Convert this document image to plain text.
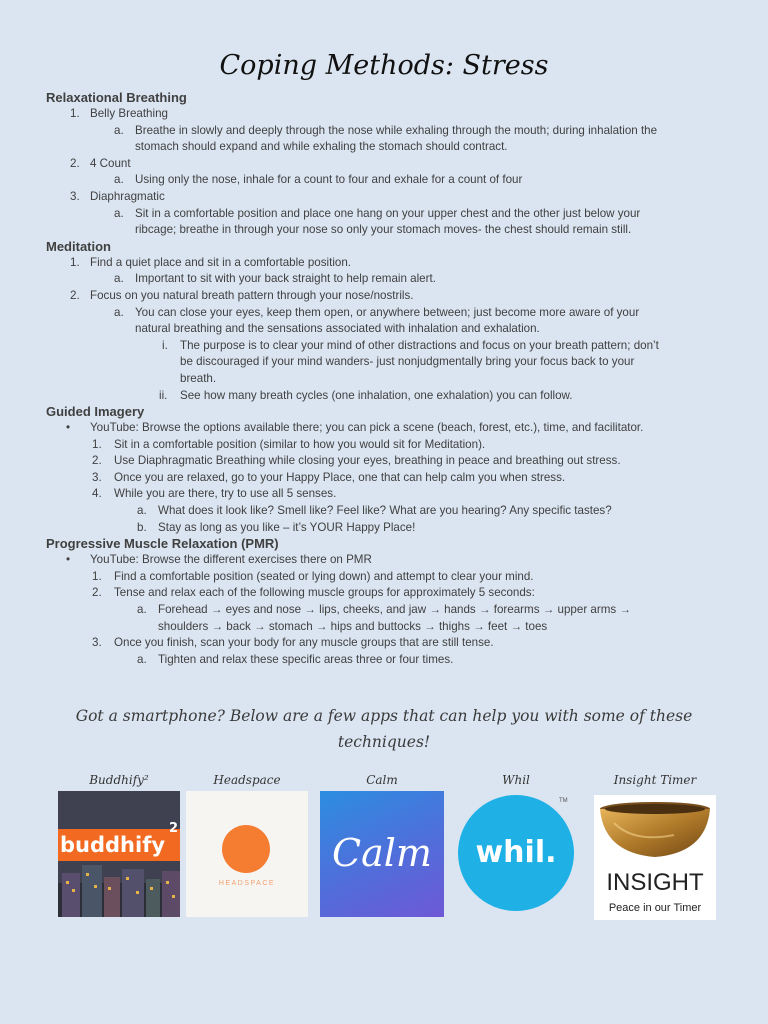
Coping Methods: Stress
Relaxational Breathing
1. Belly Breathing
a. Breathe in slowly and deeply through the nose while exhaling through the mouth; during inhalation the
stomach should expand and while exhaling the stomach should contract.
2. 4 Count
a. Using only the nose, inhale for a count to four and exhale for a count of four
3. Diaphragmatic
a. Sit in a comfortable position and place one hang on your upper chest and the other just below your
ribcage; breathe in through your nose so only your stomach moves- the chest should remain still.
Meditation
1. Find a quiet place and sit in a comfortable position.
a. Important to sit with your back straight to help remain alert.
2. Focus on you natural breath pattern through your nose/nostrils.
a. You can close your eyes, keep them open, or anywhere between; just become more aware of your
natural breathing and the sensations associated with inhalation and exhalation.
i. The purpose is to clear your mind of other distractions and focus on your breath pattern; don’t
be discouraged if your mind wanders- just nonjudgmentally bring your focus back to your
breath.
ii. See how many breath cycles (one inhalation, one exhalation) you can follow.
Guided Imagery
• YouTube: Browse the options available there; you can pick a scene (beach, forest, etc.), time, and facilitator.
1. Sit in a comfortable position (similar to how you would sit for Meditation).
2. Use Diaphragmatic Breathing while closing your eyes, breathing in peace and breathing out stress.
3. Once you are relaxed, go to your Happy Place, one that can help calm you when stress.
4. While you are there, try to use all 5 senses.
a. What does it look like? Smell like? Feel like? What are you hearing? Any specific tastes?
b. Stay as long as you like – it’s YOUR Happy Place!
Progressive Muscle Relaxation (PMR)
• YouTube: Browse the different exercises there on PMR
1. Find a comfortable position (seated or lying down) and attempt to clear your mind.
2. Tense and relax each of the following muscle groups for approximately 5 seconds:
a. Forehead → eyes and nose → lips, cheeks, and jaw → hands → forearms → upper arms →
shoulders → back → stomach → hips and buttocks → thighs → feet → toes
3. Once you finish, scan your body for any muscle groups that are still tense.
a. Tighten and relax these specific areas three or four times.

Got a smartphone? Below are a few apps that can help you with some of these
techniques!

Buddhify²
buddhify
2
Headspace
HEADSPACE
Calm
Calm
Whil
whil.
TM
Insight Timer
INSIGHT
Peace in our Timer
